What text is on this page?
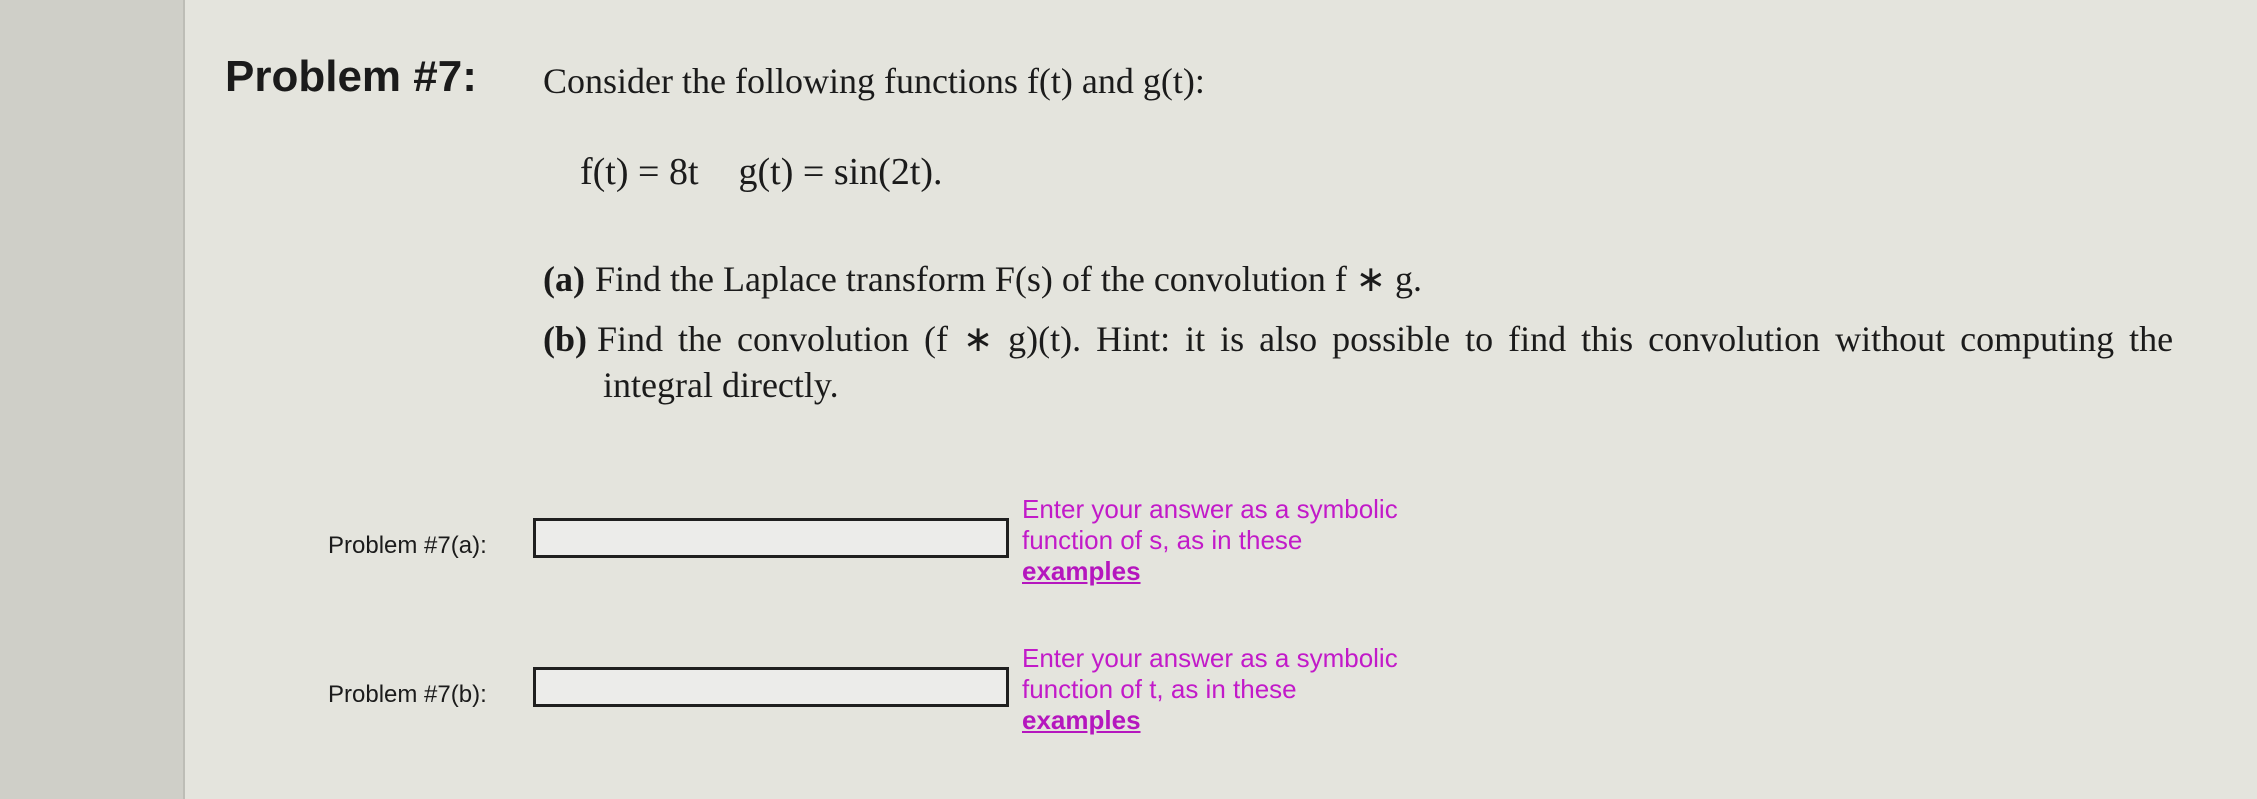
Problem #7: Consider the following functions f(t) and g(t):
f(t) = 8t g(t) = sin(2t).
(a) Find the Laplace transform F(s) of the convolution f ∗ g.
(b) Find the convolution (f ∗ g)(t). Hint: it is also possible to find this convolution without computing the
integral directly.
Problem #7(a):
Enter your answer as a symbolic
function of s, as in these
examples
Problem #7(b):
Enter your answer as a symbolic
function of t, as in these
examples
